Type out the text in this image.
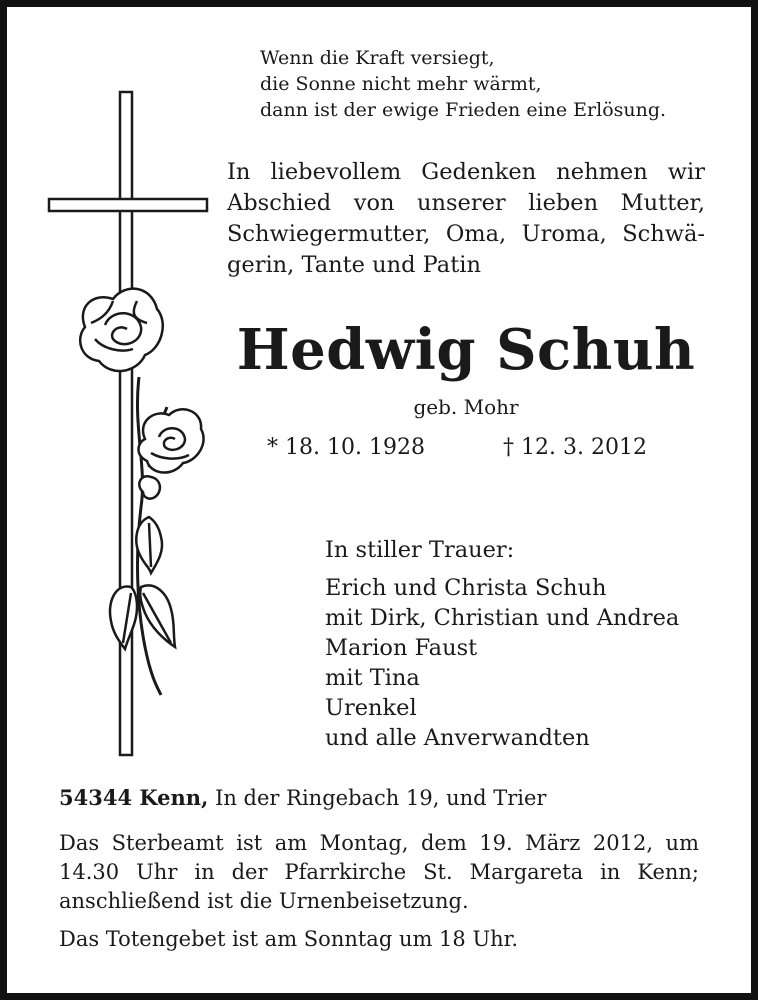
Wenn die Kraft versiegt,
die Sonne nicht mehr wärmt,
dann ist der ewige Frieden eine Erlösung.
In liebevollem Gedenken nehmen wir
Abschied von unserer lieben Mutter,
Schwiegermutter, Oma, Uroma, Schwä-
gerin, Tante und Patin
Hedwig Schuh
geb. Mohr
* 18. 10. 1928	† 12. 3. 2012
In stiller Trauer:
Erich und Christa Schuh
mit Dirk, Christian und Andrea
Marion Faust
mit Tina
Urenkel
und alle Anverwandten
54344 Kenn, In der Ringebach 19, und Trier
Das Sterbeamt ist am Montag, dem 19. März 2012, um
14.30 Uhr in der Pfarrkirche St. Margareta in Kenn;
anschließend ist die Urnenbeisetzung.
Das Totengebet ist am Sonntag um 18 Uhr.
